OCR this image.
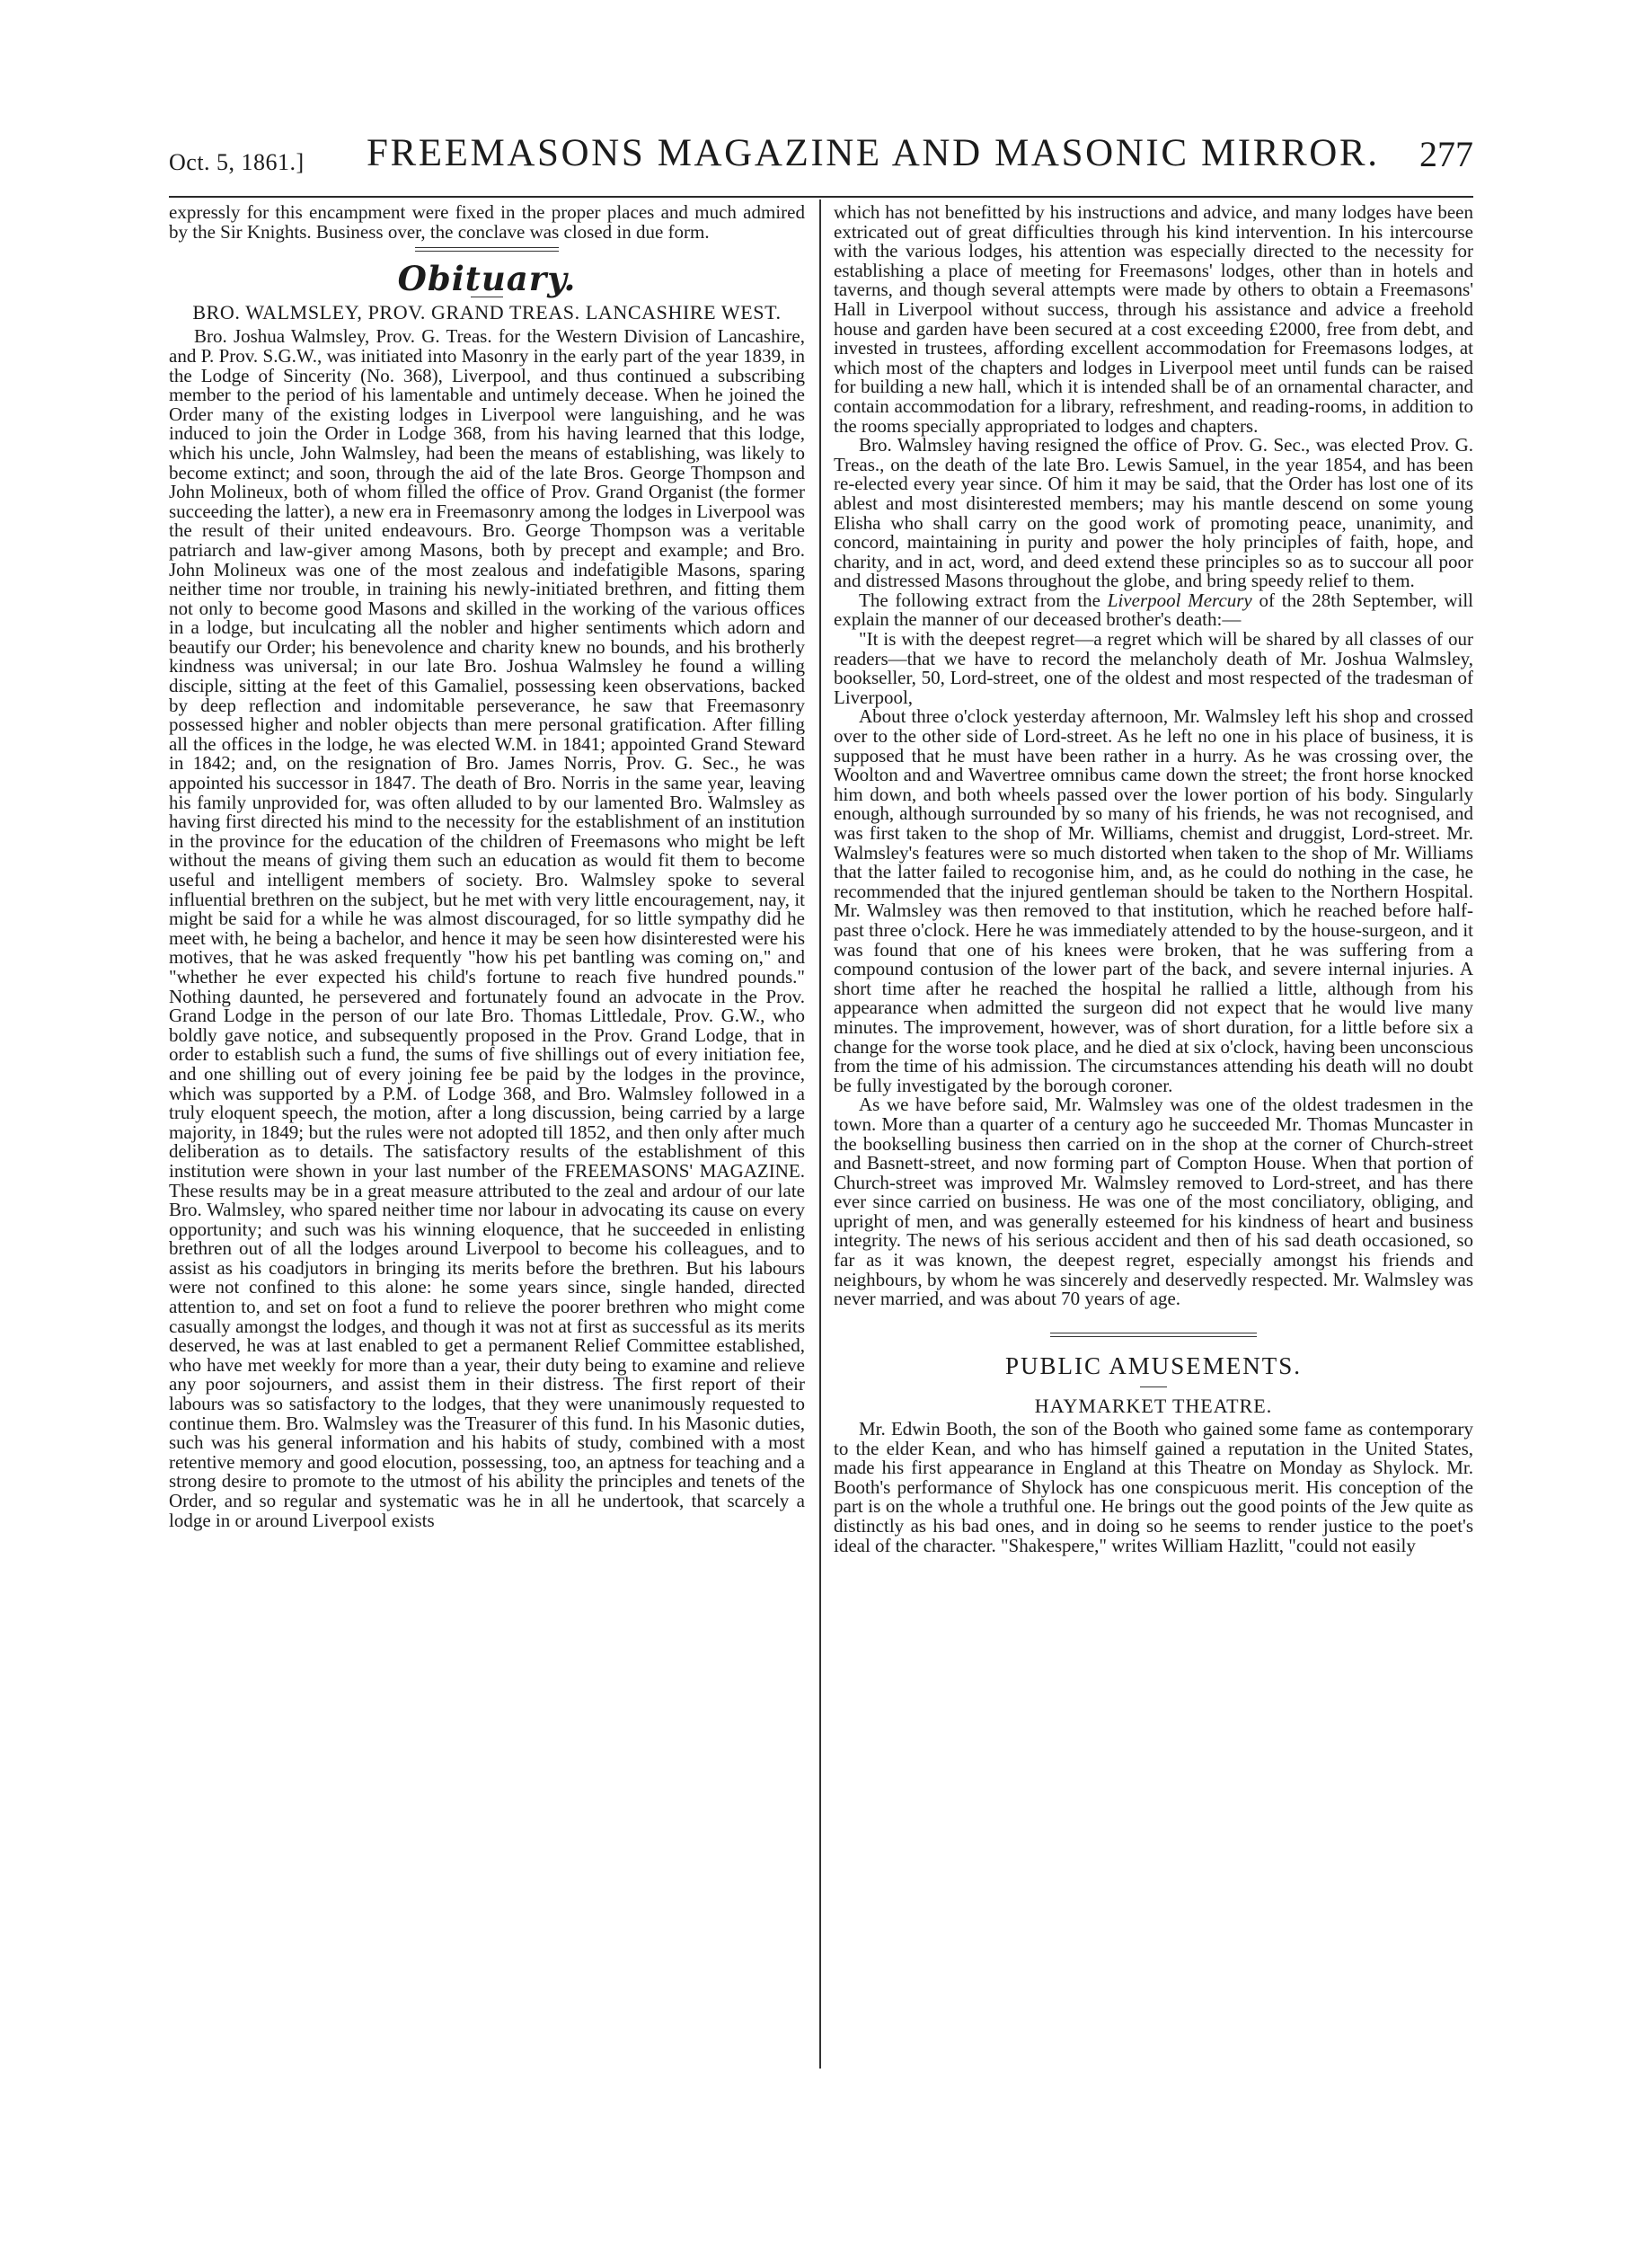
Oct. 5, 1861.] FREEMASONS MAGAZINE AND MASONIC MIRROR. 277

expressly for this encampment were fixed in the proper places and much admired by the Sir Knights. Business over, the conclave was closed in due form.

Obituary.
BRO. WALMSLEY, PROV. GRAND TREAS. LANCASHIRE WEST.

Bro. Joshua Walmsley, Prov. G. Treas. for the Western Division of Lancashire, and P. Prov. S.G.W., was initiated into Masonry in the early part of the year 1839, in the Lodge of Sincerity (No. 368), Liverpool, and thus continued a subscribing member to the period of his lamentable and untimely decease. When he joined the Order many of the existing lodges in Liverpool were languishing, and he was induced to join the Order in Lodge 368, from his having learned that this lodge, which his uncle, John Walmsley, had been the means of establishing, was likely to become extinct; and soon, through the aid of the late Bros. George Thompson and John Molineux, both of whom filled the office of Prov. Grand Organist (the former succeeding the latter), a new era in Freemasonry among the lodges in Liverpool was the result of their united endeavours. Bro. George Thompson was a veritable patriarch and law-giver among Masons, both by precept and example; and Bro. John Molineux was one of the most zealous and indefatigible Masons, sparing neither time nor trouble, in training his newly-initiated brethren, and fitting them not only to become good Masons and skilled in the working of the various offices in a lodge, but inculcating all the nobler and higher sentiments which adorn and beautify our Order; his benevolence and charity knew no bounds, and his brotherly kindness was universal; in our late Bro. Joshua Walmsley he found a willing disciple, sitting at the feet of this Gamaliel, possessing keen observations, backed by deep reflection and indomitable perseverance, he saw that Freemasonry possessed higher and nobler objects than mere personal gratification. After filling all the offices in the lodge, he was elected W.M. in 1841; appointed Grand Steward in 1842; and, on the resignation of Bro. James Norris, Prov. G. Sec., he was appointed his successor in 1847. The death of Bro. Norris in the same year, leaving his family unprovided for, was often alluded to by our lamented Bro. Walmsley as having first directed his mind to the necessity for the establishment of an institution in the province for the education of the children of Freemasons who might be left without the means of giving them such an education as would fit them to become useful and intelligent members of society. Bro. Walmsley spoke to several influential brethren on the subject, but he met with very little encouragement, nay, it might be said for a while he was almost discouraged, for so little sympathy did he meet with, he being a bachelor, and hence it may be seen how disinterested were his motives, that he was asked frequently "how his pet bantling was coming on," and "whether he ever expected his child's fortune to reach five hundred pounds." Nothing daunted, he persevered and fortunately found an advocate in the Prov. Grand Lodge in the person of our late Bro. Thomas Littledale, Prov. G.W., who boldly gave notice, and subsequently proposed in the Prov. Grand Lodge, that in order to establish such a fund, the sums of five shillings out of every initiation fee, and one shilling out of every joining fee be paid by the lodges in the province, which was supported by a P.M. of Lodge 368, and Bro. Walmsley followed in a truly eloquent speech, the motion, after a long discussion, being carried by a large majority, in 1849; but the rules were not adopted till 1852, and then only after much deliberation as to details. The satisfactory results of the establishment of this institution were shown in your last number of the FREEMASONS' MAGAZINE. These results may be in a great measure attributed to the zeal and ardour of our late Bro. Walmsley, who spared neither time nor labour in advocating its cause on every opportunity; and such was his winning eloquence, that he succeeded in enlisting brethren out of all the lodges around Liverpool to become his colleagues, and to assist as his coadjutors in bringing its merits before the brethren. But his labours were not confined to this alone: he some years since, single handed, directed attention to, and set on foot a fund to relieve the poorer brethren who might come casually amongst the lodges, and though it was not at first as successful as its merits deserved, he was at last enabled to get a permanent Relief Committee established, who have met weekly for more than a year, their duty being to examine and relieve any poor sojourners, and assist them in their distress. The first report of their labours was so satisfactory to the lodges, that they were unanimously requested to continue them. Bro. Walmsley was the Treasurer of this fund. In his Masonic duties, such was his general information and his habits of study, combined with a most retentive memory and good elocution, possessing, too, an aptness for teaching and a strong desire to promote to the utmost of his ability the principles and tenets of the Order, and so regular and systematic was he in all he undertook, that scarcely a lodge in or around Liverpool exists

which has not benefitted by his instructions and advice, and many lodges have been extricated out of great difficulties through his kind intervention. In his intercourse with the various lodges, his attention was especially directed to the necessity for establishing a place of meeting for Freemasons' lodges, other than in hotels and taverns, and though several attempts were made by others to obtain a Freemasons' Hall in Liverpool without success, through his assistance and advice a freehold house and garden have been secured at a cost exceeding £2000, free from debt, and invested in trustees, affording excellent accommodation for Freemasons lodges, at which most of the chapters and lodges in Liverpool meet until funds can be raised for building a new hall, which it is intended shall be of an ornamental character, and contain accommodation for a library, refreshment, and reading-rooms, in addition to the rooms specially appropriated to lodges and chapters.

Bro. Walmsley having resigned the office of Prov. G. Sec., was elected Prov. G. Treas., on the death of the late Bro. Lewis Samuel, in the year 1854, and has been re-elected every year since. Of him it may be said, that the Order has lost one of its ablest and most disinterested members; may his mantle descend on some young Elisha who shall carry on the good work of promoting peace, unanimity, and concord, maintaining in purity and power the holy principles of faith, hope, and charity, and in act, word, and deed extend these principles so as to succour all poor and distressed Masons throughout the globe, and bring speedy relief to them.

The following extract from the Liverpool Mercury of the 28th September, will explain the manner of our deceased brother's death:—

"It is with the deepest regret—a regret which will be shared by all classes of our readers—that we have to record the melancholy death of Mr. Joshua Walmsley, bookseller, 50, Lord-street, one of the oldest and most respected of the tradesman of Liverpool,

About three o'clock yesterday afternoon, Mr. Walmsley left his shop and crossed over to the other side of Lord-street. As he left no one in his place of business, it is supposed that he must have been rather in a hurry. As he was crossing over, the Woolton and and Wavertree omnibus came down the street; the front horse knocked him down, and both wheels passed over the lower portion of his body. Singularly enough, although surrounded by so many of his friends, he was not recognised, and was first taken to the shop of Mr. Williams, chemist and druggist, Lord-street. Mr. Walmsley's features were so much distorted when taken to the shop of Mr. Williams that the latter failed to recogonise him, and, as he could do nothing in the case, he recommended that the injured gentleman should be taken to the Northern Hospital. Mr. Walmsley was then removed to that institution, which he reached before half-past three o'clock. Here he was immediately attended to by the house-surgeon, and it was found that one of his knees were broken, that he was suffering from a compound contusion of the lower part of the back, and severe internal injuries. A short time after he reached the hospital he rallied a little, although from his appearance when admitted the surgeon did not expect that he would live many minutes. The improvement, however, was of short duration, for a little before six a change for the worse took place, and he died at six o'clock, having been unconscious from the time of his admission. The circumstances attending his death will no doubt be fully investigated by the borough coroner.

As we have before said, Mr. Walmsley was one of the oldest tradesmen in the town. More than a quarter of a century ago he succeeded Mr. Thomas Muncaster in the bookselling business then carried on in the shop at the corner of Church-street and Basnett-street, and now forming part of Compton House. When that portion of Church-street was improved Mr. Walmsley removed to Lord-street, and has there ever since carried on business. He was one of the most conciliatory, obliging, and upright of men, and was generally esteemed for his kindness of heart and business integrity. The news of his serious accident and then of his sad death occasioned, so far as it was known, the deepest regret, especially amongst his friends and neighbours, by whom he was sincerely and deservedly respected. Mr. Walmsley was never married, and was about 70 years of age.

PUBLIC AMUSEMENTS.
HAYMARKET THEATRE.

Mr. Edwin Booth, the son of the Booth who gained some fame as contemporary to the elder Kean, and who has himself gained a reputation in the United States, made his first appearance in England at this Theatre on Monday as Shylock. Mr. Booth's performance of Shylock has one conspicuous merit. His conception of the part is on the whole a truthful one. He brings out the good points of the Jew quite as distinctly as his bad ones, and in doing so he seems to render justice to the poet's ideal of the character. "Shakespere," writes William Hazlitt, "could not easily
